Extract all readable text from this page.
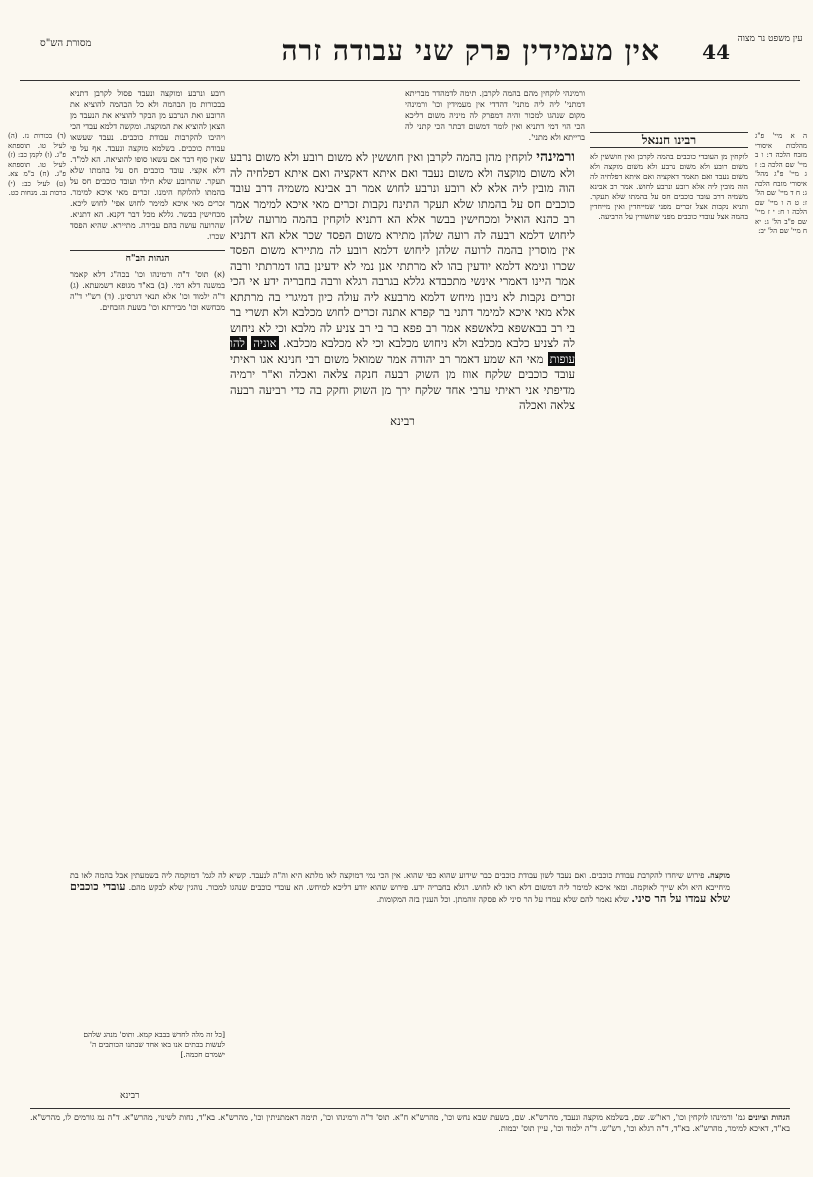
מסורת הש"ס	אין מעמידין פרק שני עבודה זרה 44
עין משפט נר מצוה

ה א מיי' פ"ג מהלכות איסורי מזבח הלכה ד: ו ב מיי' שם הלכה ב: ז ג מיי' פ"ג מהל' איסורי מזבח הלכה ג: ח ד מיי' שם הל' ז: ט ה ו מיי' שם הלכה ו ח: י ז מיי' שם פ"ב הל' ג: יא ח מיי' שם הל' יב:

רבינו חננאל

לוקחין מן העובדי כוכבים בהמה לקרבן ואין חוששין לא משום רובע ולא משום נרבע ולא משום מוקצה ולא משום נעבד ואם תאמר דאקציה ואם איתא דפלחיה לה הוה מובין ליה אלא רובע ונרבע לחוש. אמר רב אבינא משמיה דרב עובד כוכבים חס על בהמתו שלא תעקר. ותניא נקבות אצל זכרים מפני שמייחדין ואין מייחדין בהמה אצל עובדי כוכבים מפני שחשודין על הרביעה.

ורמינהי לוקחין מהם בהמה לקרבן. תימה לדמהדר מבריתא דמתני' ליה ליה מתני' דהדדי אין מעמידין וכו' ורמינהי מקום שנהגו למכור והיה דמפרק לה מיניה משום דליכא הכי הוי דמי דתניא ואין לומר דמשום דבתר הכי קתני לה ברייתא ולא מתני'.

ורמינהי לוקחין מהן בהמה לקרבן ואין חוששין לא משום רובע ולא משום נרבע ולא משום מוקצה ולא משום נעבד ואם איתא דאקציה ואם איתא דפלחיה לה הוה מובין ליה אלא לא רובע ונרבע לחוש אמר רב אבינא משמיה דרב עובד כוכבים חס על בהמתו שלא תעקר התינח נקבות זכרים מאי איכא למימר אמר רב כהנא הואיל ומכחישין בבשר אלא הא דתניא לוקחין בהמה מרועה שלהן ליחוש דלמא רבעה לה רועה שלהן מתירא משום הפסד שכר אלא הא דתניא אין מוסרין בהמה לרועה שלהן ליחוש דלמא רובע לה מתיירא משום הפסד שכרו ונימא דלמא יודעין בהו לא מרתתי אנן נמי לא ידעינן בהו דמרתתי ורבה אמר היינו דאמרי אינשי מתכבדא גללא בגרבה רגלא ורבה בחבריה ידע אי הכי זכרים נקבות לא ניבון מיחש דלמא מרבעא ליה עולה כיון דמיגרי בה מרתתא אלא מאי איכא למימר דתני בר קפרא אתנה זכרים לחוש מכלבא ולא תשרי בר בי רב בבאשפא בלאשפא אמר רב פפא בר בי רב צניע לה מלבא וכי לא ניחוש לה לצניע כלבא מכלבא ולא ניחוש מכלבא וכי לא מכלבא מכלבא. אוניה להו עופות מאי הא שמע דאמר רב יהודה אמר שמואל משום רבי חנינא אגו ראיתי עובד כוכבים שלקח אווז מן השוק רבעה חנקה צלאה ואכלה וא"ר ירמיה מדיפתי אני ראיתי ערבי אחד שלקח ירך מן השוק וחקק בה כדי רביעה רבעה צלאה ואכלה

רבינא

רובע ונרבע ומוקצה ונעבד פסול לקרבן דתניא בבכורות מן הבהמה ולא כל הבהמה להוציא את הרובע ואת הנרבע מן הבקר להוציא את הנעבד מן הצאן להוציא את המוקצה. ומקשה דלמא עבדי הכי ויהיבו להקרבות עבודת כוכבים. נעבד שעשאו עבודת כוכבים. בשלמא מוקצה ונעבד. אף על פי שאין סוף דבר אם עשאו סופו להוציאה. הא למ"ד. דלא אקצי. עובד כוכבים חס על בהמתו שלא תעקר. שהרובע שלא תילד ועובד כוכבים חס על בהמתו להלוקח הימנו. זכרים מאי איכא למימר. זכרים מאי איכא למימר לחוש אפי' לחוש ליכא. מכחישין בבשר. גללא מכל דבר דקנא. הא דתניא. שהרועה עושה בהם עבירה. מתיירא. שהיא הפסד שכרו.

הגהות הב"ח

(א) תוס' ד"ה ורמינהו וכו' בכה"ג דלא קאמר במשנה דלא דמי. (ב) בא"ד מגופא דשמעתא. (ג) ד"ה ילמוד וכו' אלא תנאי דגרסינן. (ד) רש"י ד"ה מכחשא וכו' מבירתא וכו' בשעת הזבחים.

(ד) בכורות נז. (ה) לעיל טו. תוספתא פ"ג. (ו) לקמן כב: (ז) לעיל טו. תוספתא פ"ג. (ח) ב"מ צא. (ט) לעיל כב: (י) ברכות נב. מנחות כט.

מוקצה. פירוש שיחדו להקרבת עבודת כוכבים. ואם נעבד לשון עבודת כוכבים כבר שידוע שהוא כפי שהוא. אין הכי נמי דמוקצה לאו מלתא היא וה"ה לנעבד. קשיא לה לגמ' דמוקמה ליה בשמעתין אבל בהמה לאו בת מיחייבא היא ולא שייך לאוקמה. ומאי איכא למימר ליה דמשום דלא ראו לא לחוש. רגלא בחבריה ידע. פירוש שהוא יודע דליכא למיחש. הא עובדי כוכבים שנהגו למכור. נוהגין שלא לבקש מהם. עובדי כוכבים שלא עמדו על הר סיני. שלא נאמר להם שלא עמדו על הר סיני לא פסקה זוהמתן. וכל הענין בזה המקומות.

[כל זה מלה לחדש בבבא קמא. ותוס' מנהג שלהם לעשות בבתים אנו באו אחד שבתנו הכותבים ה' ישמרם חכמה.]
רבינא
הגהות וציונים גמ' ורמינהו לוקחין וכו', ראו"ש. שם, בשלמא מוקצה ונעבד, מהרש"א. שם, בשעת שבא נחש וכו', מהרש"א ח"א. תוס' ד"ה ורמינהו וכו', תימה דאמתניתין וכו', מהרש"א. בא"ד, נחות לשינוי, מהרש"א. ד"ה נמ גורמים לו, מהרש"א. בא"ד, דאיכא למימר, מהרש"א. בא"ד, ד"ה רגלא וכו', רש"ש. ד"ה ילמוד וכו', עיין תוס' יבמות.
